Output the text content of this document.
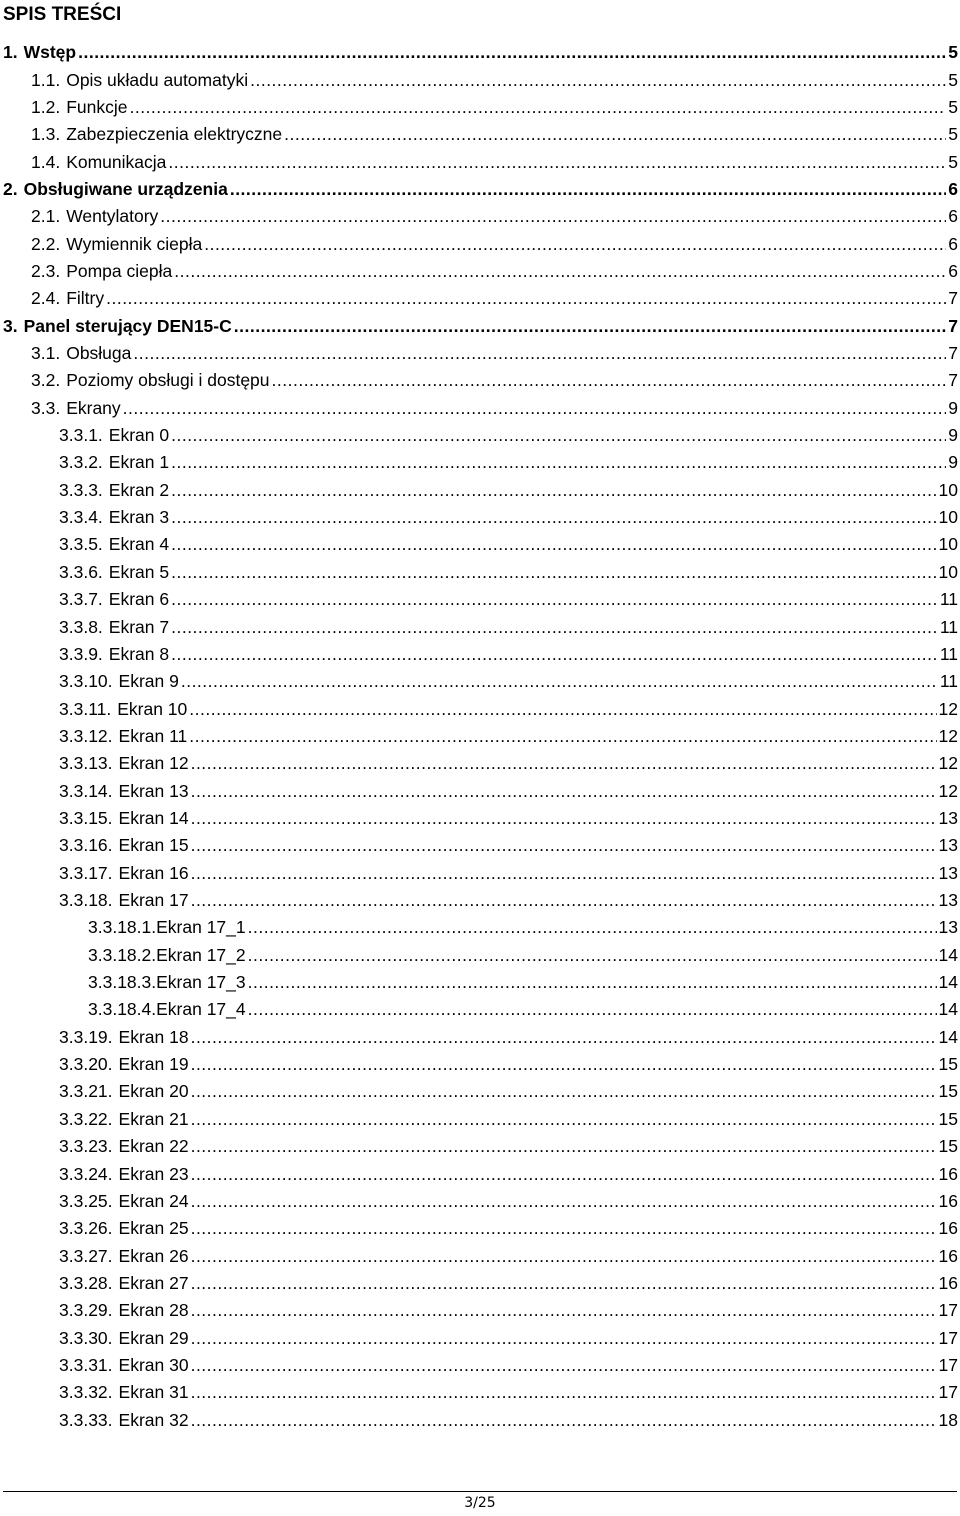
SPIS TREŚCI
1. Wstęp .....	5
1.1. Opis układu automatyki .....	5
1.2. Funkcje .....	5
1.3. Zabezpieczenia elektryczne .....	5
1.4. Komunikacja .....	5
2. Obsługiwane urządzenia .....	6
2.1. Wentylatory .....	6
2.2. Wymiennik ciepła .....	6
2.3. Pompa ciepła .....	6
2.4. Filtry .....	7
3. Panel sterujący DEN15-C .....	7
3.1. Obsługa .....	7
3.2. Poziomy obsługi i dostępu .....	7
3.3. Ekrany .....	9
3.3.1. Ekran 0 .....	9
3.3.2. Ekran 1 .....	9
3.3.3. Ekran 2 .....	10
3.3.4. Ekran 3 .....	10
3.3.5. Ekran 4 .....	10
3.3.6. Ekran 5 .....	10
3.3.7. Ekran 6 .....	11
3.3.8. Ekran 7 .....	11
3.3.9. Ekran 8 .....	11
3.3.10. Ekran 9 .....	11
3.3.11. Ekran 10 .....	12
3.3.12. Ekran 11 .....	12
3.3.13. Ekran 12 .....	12
3.3.14. Ekran 13 .....	12
3.3.15. Ekran 14 .....	13
3.3.16. Ekran 15 .....	13
3.3.17. Ekran 16 .....	13
3.3.18. Ekran 17 .....	13
3.3.18.1 .Ekran 17_1 .....	13
3.3.18.2 .Ekran 17_2 .....	14
3.3.18.3 .Ekran 17_3 .....	14
3.3.18.4 .Ekran 17_4 .....	14
3.3.19. Ekran 18 .....	14
3.3.20. Ekran 19 .....	15
3.3.21. Ekran 20 .....	15
3.3.22. Ekran 21 .....	15
3.3.23. Ekran 22 .....	15
3.3.24. Ekran 23 .....	16
3.3.25. Ekran 24 .....	16
3.3.26. Ekran 25 .....	16
3.3.27. Ekran 26 .....	16
3.3.28. Ekran 27 .....	16
3.3.29. Ekran 28 .....	17
3.3.30. Ekran 29 .....	17
3.3.31. Ekran 30 .....	17
3.3.32. Ekran 31 .....	17
3.3.33. Ekran 32 .....	18
3/25
